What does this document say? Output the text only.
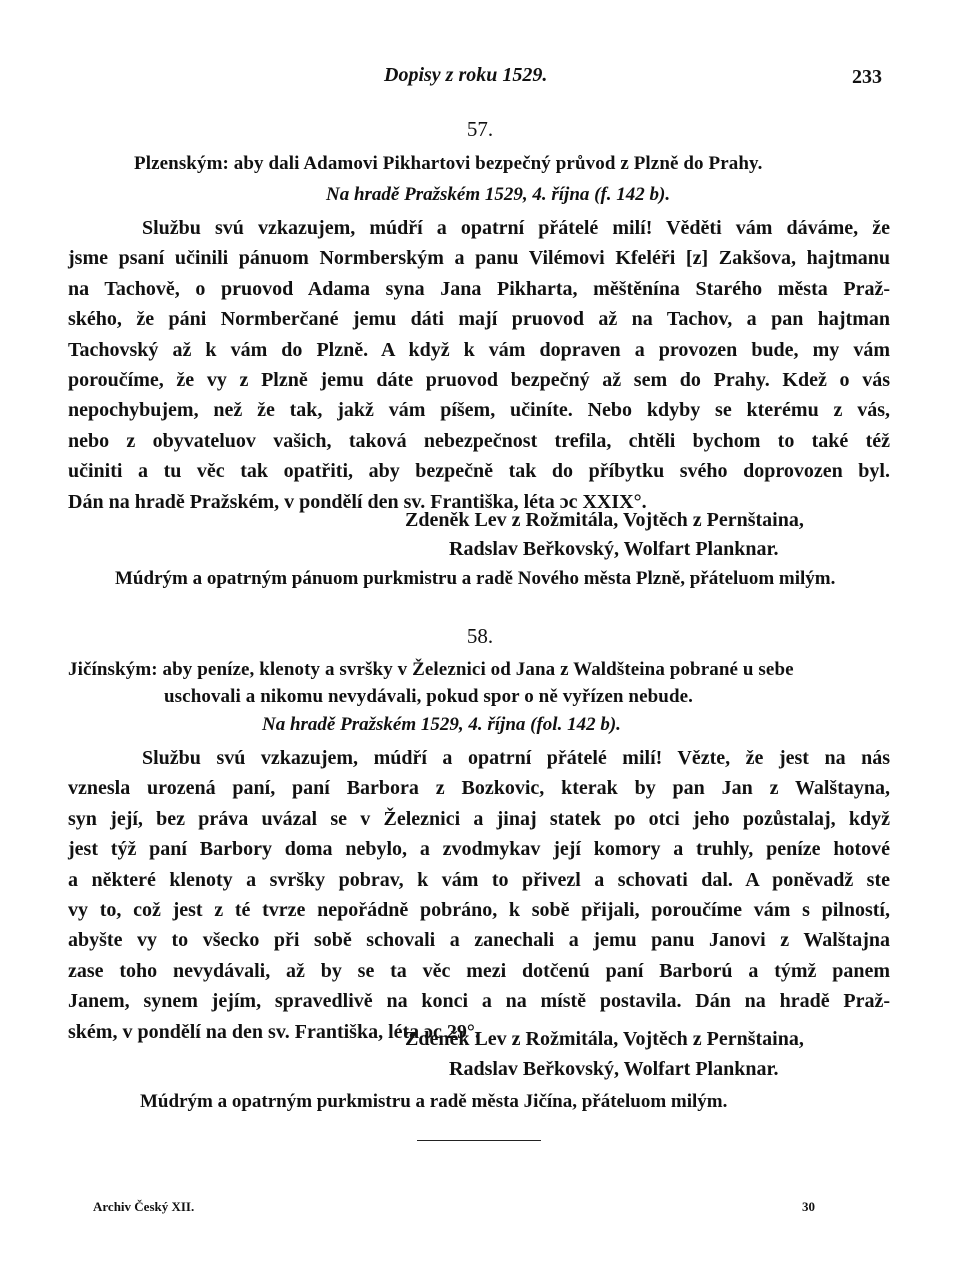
Dopisy z roku 1529.	233
57.
Plzenským: aby dali Adamovi Pikhartovi bezpečný průvod z Plzně do Prahy.
Na hradě Pražském 1529, 4. října (f. 142 b).
Službu svú vzkazujem, múdří a opatrní přátelé milí! Věděti vám dáváme, že
jsme psaní učinili pánuom Normberským a panu Vilémovi Kfeléři [z] Zakšova, hajtmanu
na Tachově, o pruovod Adama syna Jana Pikharta, měštěnína Starého města Praž-
ského, že páni Normberčané jemu dáti mají pruovod až na Tachov, a pan hajtman
Tachovský až k vám do Plzně. A když k vám dopraven a provozen bude, my vám
poroučíme, že vy z Plzně jemu dáte pruovod bezpečný až sem do Prahy. Kdež o vás
nepochybujem, než že tak, jakž vám píšem, učiníte. Nebo kdyby se kterému z vás,
nebo z obyvateluov vašich, taková nebezpečnost trefila, chtěli bychom to také též
učiniti a tu věc tak opatřiti, aby bezpečně tak do příbytku svého doprovozen byl.
Dán na hradě Pražském, v pondělí den sv. Františka, léta ɔc XXIX°.
Zdeněk Lev z Rožmitála, Vojtěch z Pernštaina,
Radslav Beřkovský, Wolfart Planknar.
Múdrým a opatrným pánuom purkmistru a radě Nového města Plzně, přáteluom milým.
58.
Jičínským: aby peníze, klenoty a svršky v Železnici od Jana z Waldšteina pobrané u sebe
uschovali a nikomu nevydávali, pokud spor o ně vyřízen nebude.
Na hradě Pražském 1529, 4. října (fol. 142 b).
Službu svú vzkazujem, múdří a opatrní přátelé milí! Vězte, že jest na nás
vznesla urozená paní, paní Barbora z Bozkovic, kterak by pan Jan z Walštayna,
syn její, bez práva uvázal se v Železnici a jinaj statek po otci jeho pozůstalaj, když
jest týž paní Barbory doma nebylo, a zvodmykav její komory a truhly, peníze hotové
a některé klenoty a svršky pobrav, k vám to přivezl a schovati dal. A poněvadž ste
vy to, což jest z té tvrze nepořádně pobráno, k sobě přijali, poroučíme vám s pilností,
abyšte vy to všecko při sobě schovali a zanechali a jemu panu Janovi z Walštajna
zase toho nevydávali, až by se ta věc mezi dotčenú paní Barború a týmž panem
Janem, synem jejím, spravedlivě na konci a na místě postavila. Dán na hradě Praž-
ském, v pondělí na den sv. Františka, léta ɔc 29°.
Zdeněk Lev z Rožmitála, Vojtěch z Pernštaina,
Radslav Beřkovský, Wolfart Planknar.
Múdrým a opatrným purkmistru a radě města Jičína, přáteluom milým.
Archiv Český XII.	30
